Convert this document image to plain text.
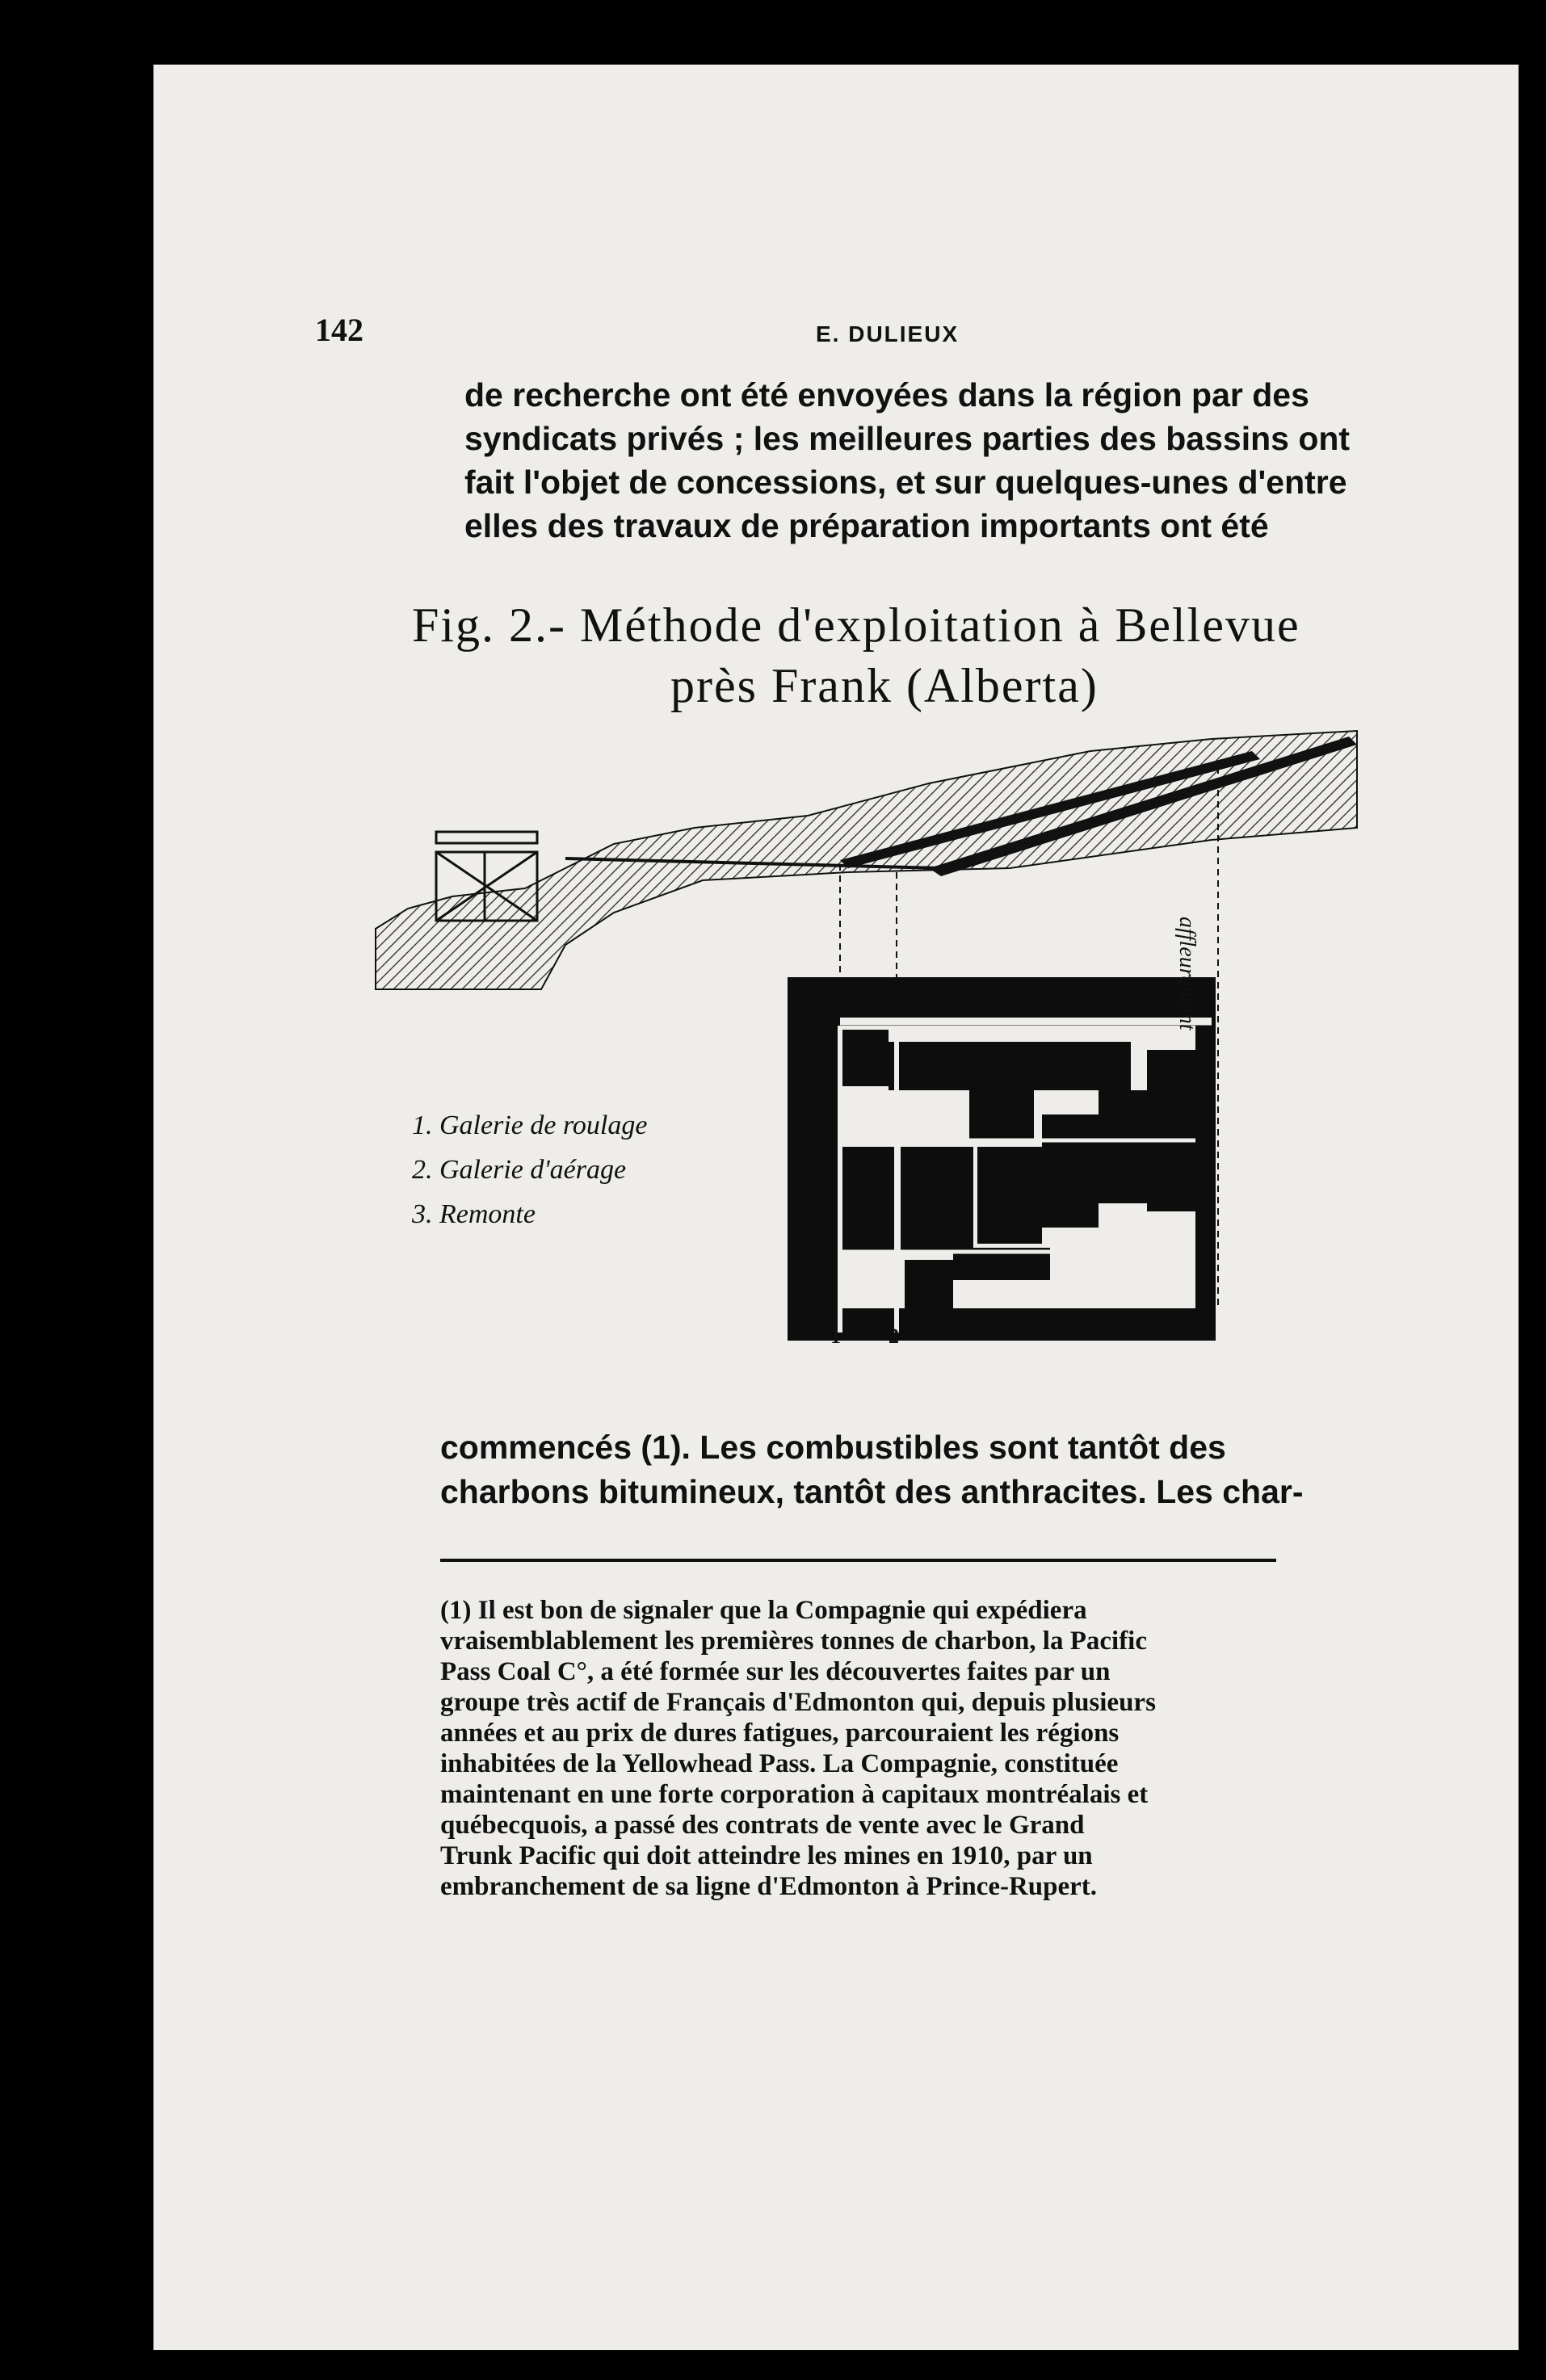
142	E. DULIEUX
de recherche ont été envoyées dans la région par des
syndicats privés ; les meilleures parties des bassins ont
fait l'objet de concessions, et sur quelques-unes d'entre
elles des travaux de préparation importants ont été
Fig. 2.- Méthode d'exploitation à Bellevue
près Frank (Alberta)
affleurement
1. Galerie de roulage
2. Galerie d'aérage
3. Remonte
1 2
commencés (1). Les combustibles sont tantôt des
charbons bitumineux, tantôt des anthracites. Les char-
(1) Il est bon de signaler que la Compagnie qui expédiera
vraisemblablement les premières tonnes de charbon, la Pacific
Pass Coal C°, a été formée sur les découvertes faites par un
groupe très actif de Français d'Edmonton qui, depuis plusieurs
années et au prix de dures fatigues, parcouraient les régions
inhabitées de la Yellowhead Pass. La Compagnie, constituée
maintenant en une forte corporation à capitaux montréalais et
québecquois, a passé des contrats de vente avec le Grand
Trunk Pacific qui doit atteindre les mines en 1910, par un
embranchement de sa ligne d'Edmonton à Prince-Rupert.
